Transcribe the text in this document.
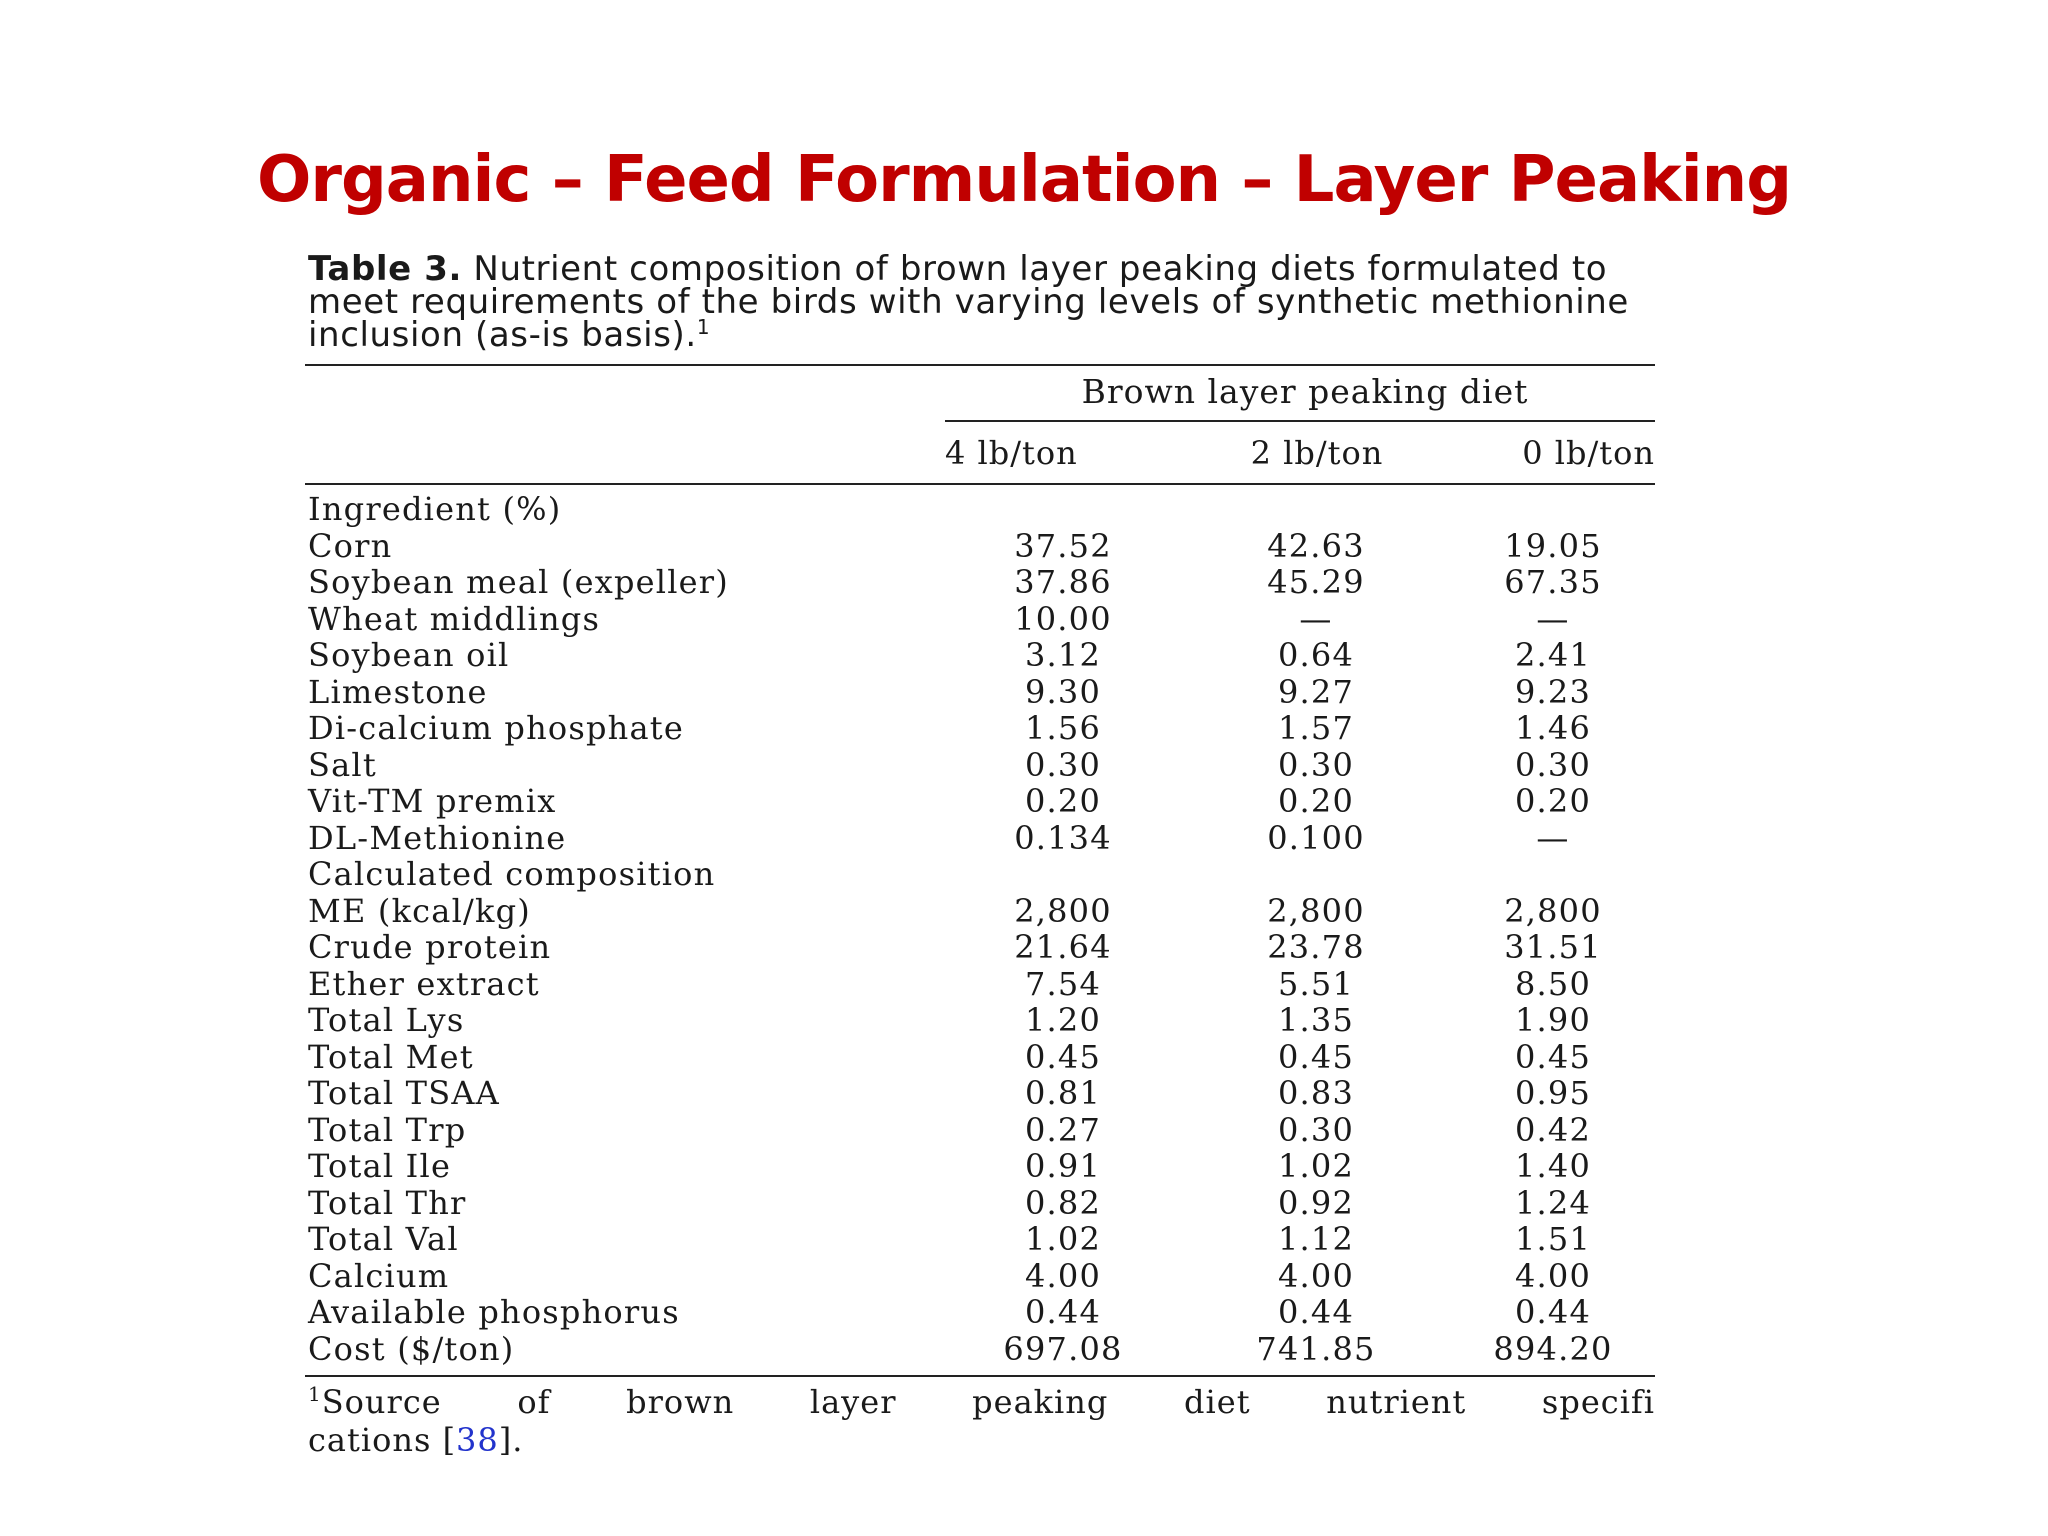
Organic – Feed Formulation – Layer Peaking
Table 3. Nutrient composition of brown layer peaking diets formulated to meet requirements of the birds with varying levels of synthetic methionine inclusion (as-is basis).$^1$
Brown layer peaking diet
4 lb/ton	2 lb/ton	0 lb/ton
Ingredient (%)
Corn	37.52	42.63	19.05
Soybean meal (expeller)	37.86	45.29	67.35
Wheat middlings	10.00	—	—
Soybean oil	3.12	0.64	2.41
Limestone	9.30	9.27	9.23
Di-calcium phosphate	1.56	1.57	1.46
Salt	0.30	0.30	0.30
Vit-TM premix	0.20	0.20	0.20
DL-Methionine	0.134	0.100	—
Calculated composition
ME (kcal/kg)	2,800	2,800	2,800
Crude protein	21.64	23.78	31.51
Ether extract	7.54	5.51	8.50
Total Lys	1.20	1.35	1.90
Total Met	0.45	0.45	0.45
Total TSAA	0.81	0.83	0.95
Total Trp	0.27	0.30	0.42
Total Ile	0.91	1.02	1.40
Total Thr	0.82	0.92	1.24
Total Val	1.02	1.12	1.51
Calcium	4.00	4.00	4.00
Available phosphorus	0.44	0.44	0.44
Cost ($/ton)	697.08	741.85	894.20
$^1$Source of brown layer peaking diet nutrient specifi
cations [38].
